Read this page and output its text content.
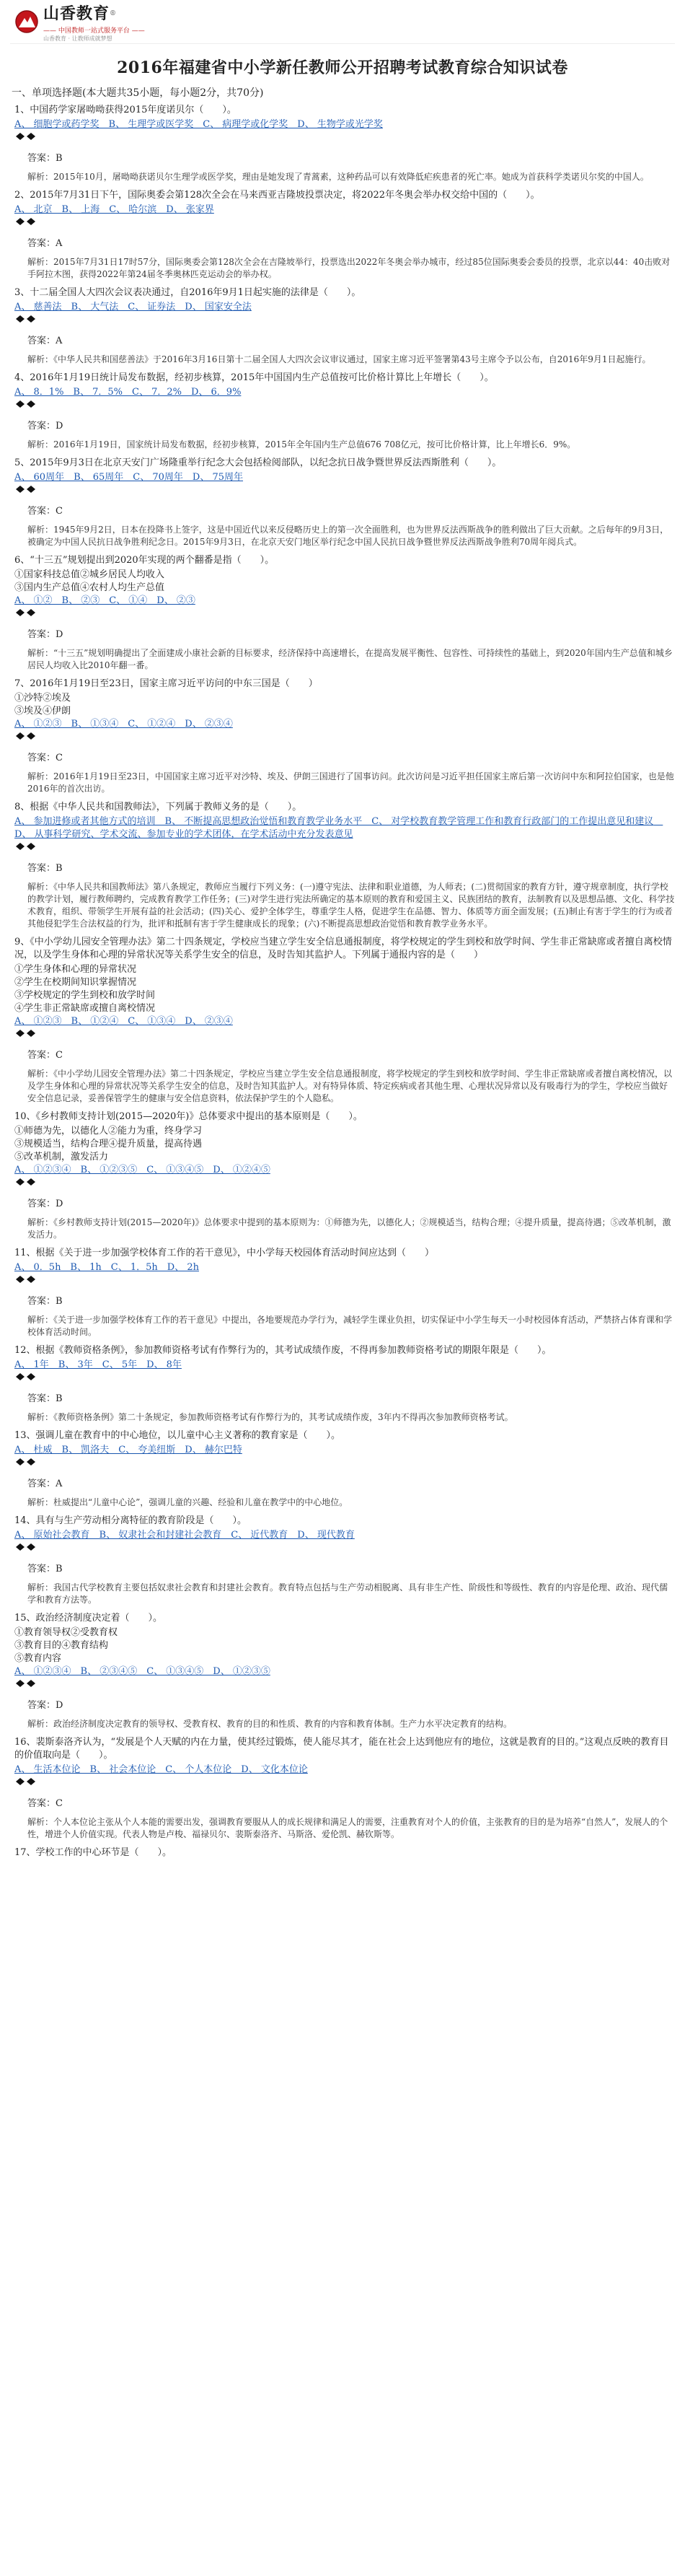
山香教育®
—— 中国教师一站式服务平台 ——
山香教育 · 让教师成就梦想
2016年福建省中小学新任教师公开招聘考试教育综合知识试卷
一、单项选择题(本大题共35小题，每小题2分，共70分)
1、中国药学家屠呦呦获得2015年度诺贝尔（　　）。
A、 细胞学或药学奖　B、 生理学或医学奖　C、 病理学或化学奖　D、 生物学或光学奖
答案：B
解析：2015年10月，屠呦呦获诺贝尔生理学或医学奖，理由是她发现了青蒿素，这种药品可以有效降低疟疾患者的死亡率。她成为首获科学类诺贝尔奖的中国人。
2、2015年7月31日下午，国际奥委会第128次全会在马来西亚吉隆坡投票决定，将2022年冬奥会举办权交给中国的（　　）。
A、 北京　B、 上海　C、 哈尔滨　D、 张家界
答案：A
解析：2015年7月31日17时57分，国际奥委会第128次全会在吉隆坡举行，投票选出2022年冬奥会举办城市，经过85位国际奥委会委员的投票，北京以44：40击败对手阿拉木图，获得2022年第24届冬季奥林匹克运动会的举办权。
3、十二届全国人大四次会议表决通过，自2016年9月1日起实施的法律是（　　）。
A、 慈善法　B、 大气法　C、 证券法　D、 国家安全法
答案：A
解析：《中华人民共和国慈善法》于2016年3月16日第十二届全国人大四次会议审议通过，国家主席习近平签署第43号主席令予以公布，自2016年9月1日起施行。
4、2016年1月19日统计局发布数据，经初步核算，2015年中国国内生产总值按可比价格计算比上年增长（　　）。
A、 8．1%　B、 7．5%　C、 7．2%　D、 6．9%
答案：D
解析：2016年1月19日，国家统计局发布数据，经初步核算，2015年全年国内生产总值676 708亿元，按可比价格计算，比上年增长6．9%。
5、2015年9月3日在北京天安门广场隆重举行纪念大会包括检阅部队，以纪念抗日战争暨世界反法西斯胜利（　　）。
A、 60周年　B、 65周年　C、 70周年　D、 75周年
答案：C
解析：1945年9月2日，日本在投降书上签字，这是中国近代以来反侵略历史上的第一次全面胜利，也为世界反法西斯战争的胜利做出了巨大贡献。之后每年的9月3日，被确定为中国人民抗日战争胜利纪念日。2015年9月3日，在北京天安门地区举行纪念中国人民抗日战争暨世界反法西斯战争胜利70周年阅兵式。
6、“十三五”规划提出到2020年实现的两个翻番是指（　　）。
①国家科技总值②城乡居民人均收入
③国内生产总值④农村人均生产总值
A、 ①②　B、 ②③　C、 ①④　D、 ②③
答案：D
解析：“十三五”规划明确提出了全面建成小康社会新的目标要求，经济保持中高速增长，在提高发展平衡性、包容性、可持续性的基础上，到2020年国内生产总值和城乡居民人均收入比2010年翻一番。
7、2016年1月19日至23日，国家主席习近平访问的中东三国是（　　）
①沙特②埃及
③埃及④伊朗
A、 ①②③　B、 ①③④　C、 ①②④　D、 ②③④
答案：C
解析：2016年1月19日至23日，中国国家主席习近平对沙特、埃及、伊朗三国进行了国事访问。此次访问是习近平担任国家主席后第一次访问中东和阿拉伯国家，也是他2016年的首次出访。
8、根据《中华人民共和国教师法》，下列属于教师义务的是（　　）。
A、 参加进修或者其他方式的培训　B、 不断提高思想政治觉悟和教育教学业务水平　C、 对学校教育教学管理工作和教育行政部门的工作提出意见和建议　D、 从事科学研究、学术交流、参加专业的学术团体，在学术活动中充分发表意见
答案：B
解析：《中华人民共和国教师法》第八条规定，教师应当履行下列义务：(一)遵守宪法、法律和职业道德，为人师表；(二)贯彻国家的教育方针，遵守规章制度，执行学校的教学计划，履行教师聘约，完成教育教学工作任务；(三)对学生进行宪法所确定的基本原则的教育和爱国主义、民族团结的教育，法制教育以及思想品德、文化、科学技术教育，组织、带领学生开展有益的社会活动；(四)关心、爱护全体学生，尊重学生人格，促进学生在品德、智力、体质等方面全面发展；(五)制止有害于学生的行为或者其他侵犯学生合法权益的行为，批评和抵制有害于学生健康成长的现象；(六)不断提高思想政治觉悟和教育教学业务水平。
9、《中小学幼儿园安全管理办法》第二十四条规定，学校应当建立学生安全信息通报制度，将学校规定的学生到校和放学时间、学生非正常缺席或者擅自离校情况，以及学生身体和心理的异常状况等关系学生安全的信息，及时告知其监护人。下列属于通报内容的是（　　）
①学生身体和心理的异常状况
②学生在校期间知识掌握情况
③学校规定的学生到校和放学时间
④学生非正常缺席或擅自离校情况
A、 ①②③　B、 ①②④　C、 ①③④　D、 ②③④
答案：C
解析：《中小学幼儿园安全管理办法》第二十四条规定，学校应当建立学生安全信息通报制度，将学校规定的学生到校和放学时间、学生非正常缺席或者擅自离校情况，以及学生身体和心理的异常状况等关系学生安全的信息，及时告知其监护人。对有特异体质、特定疾病或者其他生理、心理状况异常以及有吸毒行为的学生，学校应当做好安全信息记录，妥善保管学生的健康与安全信息资料，依法保护学生的个人隐私。
10、《乡村教师支持计划(2015—2020年)》总体要求中提出的基本原则是（　　）。
①师德为先，以德化人②能力为重，终身学习
③规模适当，结构合理④提升质量，提高待遇
⑤改革机制，激发活力
A、 ①②③④　B、 ①②③⑤　C、 ①③④⑤　D、 ①②④⑤
答案：D
解析：《乡村教师支持计划(2015—2020年)》总体要求中提到的基本原则为：①师德为先，以德化人；②规模适当，结构合理；④提升质量，提高待遇；⑤改革机制，激发活力。
11、根据《关于进一步加强学校体育工作的若干意见》，中小学每天校园体育活动时间应达到（　　）
A、 0．5h　B、 1h　C、 1．5h　D、 2h
答案：B
解析：《关于进一步加强学校体育工作的若干意见》中提出，各地要规范办学行为，减轻学生课业负担，切实保证中小学生每天一小时校园体育活动，严禁挤占体育课和学校体育活动时间。
12、根据《教师资格条例》，参加教师资格考试有作弊行为的，其考试成绩作废，不得再参加教师资格考试的期限年限是（　　）。
A、 1年　B、 3年　C、 5年　D、 8年
答案：B
解析：《教师资格条例》第二十条规定，参加教师资格考试有作弊行为的，其考试成绩作废，3年内不得再次参加教师资格考试。
13、强调儿童在教育中的中心地位，以儿童中心主义著称的教育家是（　　）。
A、 杜威　B、 凯洛夫　C、 夸美纽斯　D、 赫尔巴特
答案：A
解析：杜威提出“儿童中心论”，强调儿童的兴趣、经验和儿童在教学中的中心地位。
14、具有与生产劳动相分离特征的教育阶段是（　　）。
A、 原始社会教育　B、 奴隶社会和封建社会教育　C、 近代教育　D、 现代教育
答案：B
解析：我国古代学校教育主要包括奴隶社会教育和封建社会教育。教育特点包括与生产劳动相脱离、具有非生产性、阶级性和等级性、教育的内容是伦理、政治、现代儒学和教育方法等。
15、政治经济制度决定着（　　）。
①教育领导权②受教育权
③教育目的④教育结构
⑤教育内容
A、 ①②③④　B、 ②③④⑤　C、 ①③④⑤　D、 ①②③⑤
答案：D
解析：政治经济制度决定教育的领导权、受教育权、教育的目的和性质、教育的内容和教育体制。生产力水平决定教育的结构。
16、裴斯泰洛齐认为，“发展是个人天赋的内在力量，使其经过锻炼，使人能尽其才，能在社会上达到他应有的地位，这就是教育的目的。”这观点反映的教育目的价值取向是（　　）。
A、 生活本位论　B、 社会本位论　C、 个人本位论　D、 文化本位论
答案：C
解析：个人本位论主张从个人本能的需要出发，强调教育要服从人的成长规律和满足人的需要，注重教育对个人的价值，主张教育的目的是为培养“自然人”，发展人的个性，增进个人价值实现。代表人物是卢梭、福禄贝尔、裴斯泰洛齐、马斯洛、爱伦凯、赫钦斯等。
17、学校工作的中心环节是（　　）。
